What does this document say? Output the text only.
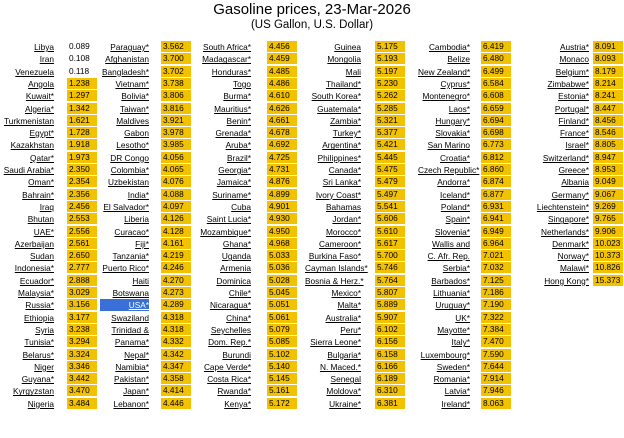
Gasoline prices, 23-Mar-2026
(US Gallon, U.S. Dollar)
Libya 0.089
Iran 0.108
Venezuela 0.118
Angola 1.238
Kuwait* 1.297
Algeria* 1.342
Turkmenistan 1.621
Egypt* 1.728
Kazakhstan 1.918
Qatar* 1.973
Saudi Arabia* 2.350
Oman* 2.354
Bahrain* 2.356
Iraq 2.456
Bhutan 2.553
UAE* 2.556
Azerbaijan 2.561
Sudan 2.650
Indonesia* 2.777
Ecuador* 2.888
Malaysia* 3.029
Russia* 3.156
Ethiopia 3.177
Syria 3.238
Tunisia* 3.294
Belarus* 3.324
Niger 3.346
Guyana* 3.442
Kyrgyzstan 3.470
Nigeria 3.484
Paraguay* 3.562
Afghanistan 3.700
Bangladesh* 3.702
Vietnam* 3.738
Bolivia* 3.806
Taiwan* 3.816
Maldives 3.921
Gabon 3.978
Lesotho* 3.985
DR Congo 4.056
Colombia* 4.065
Uzbekistan 4.076
India* 4.088
El Salvador* 4.097
Liberia 4.126
Curacao* 4.128
Fiji* 4.161
Tanzania* 4.219
Puerto Rico* 4.246
Haiti 4.270
Botswana 4.273
USA* 4.289
Swaziland 4.318
Trinidad & 4.318
Panama* 4.332
Nepal* 4.342
Namibia* 4.347
Pakistan* 4.358
Japan* 4.414
Lebanon* 4.446
South Africa* 4.456
Madagascar* 4.459
Honduras* 4.485
Togo 4.486
Burma* 4.610
Mauritius* 4.626
Benin* 4.661
Grenada* 4.678
Aruba* 4.692
Brazil* 4.725
Georgia* 4.731
Jamaica* 4.876
Suriname* 4.899
Cuba 4.901
Saint Lucia* 4.930
Mozambique* 4.950
Ghana* 4.968
Uganda 5.033
Armenia 5.036
Dominica 5.028
Chile* 5.045
Nicaragua* 5.051
China* 5.061
Seychelles 5.079
Dom. Rep.* 5.085
Burundi 5.102
Cape Verde* 5.140
Costa Rica* 5.145
Rwanda* 5.161
Kenya* 5.172
Guinea 5.175
Mongolia 5.193
Mali 5.197
Thailand* 5.230
South Korea* 5.262
Guatemala* 5.285
Zambia* 5.321
Turkey* 5.377
Argentina* 5.421
Philippines* 5.445
Canada* 5.475
Sri Lanka* 5.479
Ivory Coast* 5.497
Bahamas 5.541
Jordan* 5.606
Morocco* 5.610
Cameroon* 5.617
Burkina Faso* 5.700
Cayman Islands* 5.746
Bosnia & Herz.* 5.764
Mexico* 5.807
Malta* 5.889
Australia* 5.907
Peru* 6.102
Sierra Leone* 6.156
Bulgaria* 6.158
N. Maced.* 6.166
Senegal 6.189
Moldova* 6.310
Ukraine* 6.381
Cambodia* 6.419
Belize 6.480
New Zealand* 6.499
Cyprus* 6.584
Montenegro* 6.608
Laos* 6.659
Hungary* 6.694
Slovakia* 6.698
San Marino 6.773
Croatia* 6.812
Czech Republic* 6.860
Andorra* 6.874
Iceland* 6.877
Poland* 6.931
Spain* 6.941
Slovenia* 6.949
Wallis and 6.964
C. Afr. Rep. 7.021
Serbia* 7.032
Barbados* 7.125
Lithuania* 7.186
Uruguay* 7.190
UK* 7.322
Mayotte* 7.384
Italy* 7.470
Luxembourg* 7.590
Sweden* 7.644
Romania* 7.914
Latvia* 7.946
Ireland* 8.063
Austria* 8.091
Monaco 8.093
Belgium* 8.179
Zimbabwe* 8.214
Estonia* 8.241
Portugal* 8.447
Finland* 8.456
France* 8.546
Israel* 8.805
Switzerland* 8.947
Greece* 8.953
Albania 9.049
Germany* 9.067
Liechtenstein* 9.269
Singapore* 9.765
Netherlands* 9.906
Denmark* 10.023
Norway* 10.373
Malawi* 10.826
Hong Kong* 15.373
